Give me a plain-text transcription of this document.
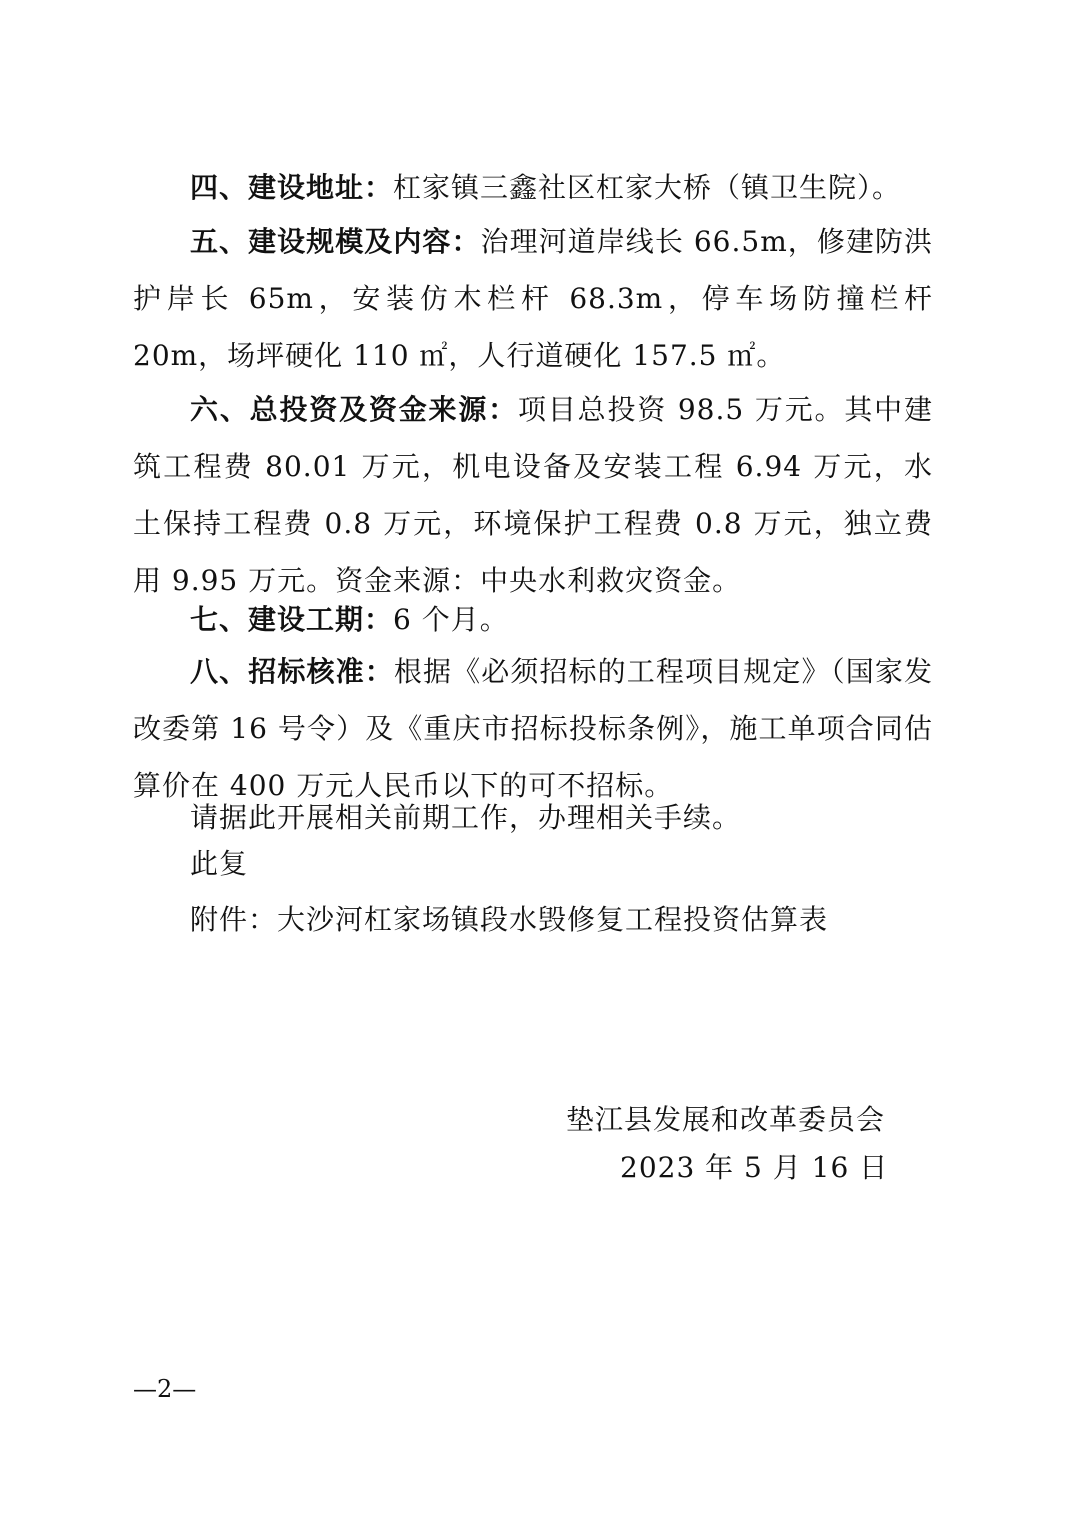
四、建设地址：杠家镇三鑫社区杠家大桥（镇卫生院）。

五、建设规模及内容：治理河道岸线长 66.5m，修建防洪护岸长 65m，安装仿木栏杆 68.3m，停车场防撞栏杆 20m，场坪硬化 110 ㎡，人行道硬化 157.5 ㎡。

六、总投资及资金来源：项目总投资 98.5 万元。其中建筑工程费 80.01 万元，机电设备及安装工程 6.94 万元，水土保持工程费 0.8 万元，环境保护工程费 0.8 万元，独立费用 9.95 万元。资金来源：中央水利救灾资金。

七、建设工期：6 个月。

八、招标核准：根据《必须招标的工程项目规定》（国家发改委第 16 号令）及《重庆市招标投标条例》，施工单项合同估算价在 400 万元人民币以下的可不招标。

请据此开展相关前期工作，办理相关手续。

此复

附件：大沙河杠家场镇段水毁修复工程投资估算表

垫江县发展和改革委员会
2023 年 5 月 16 日
—2—
